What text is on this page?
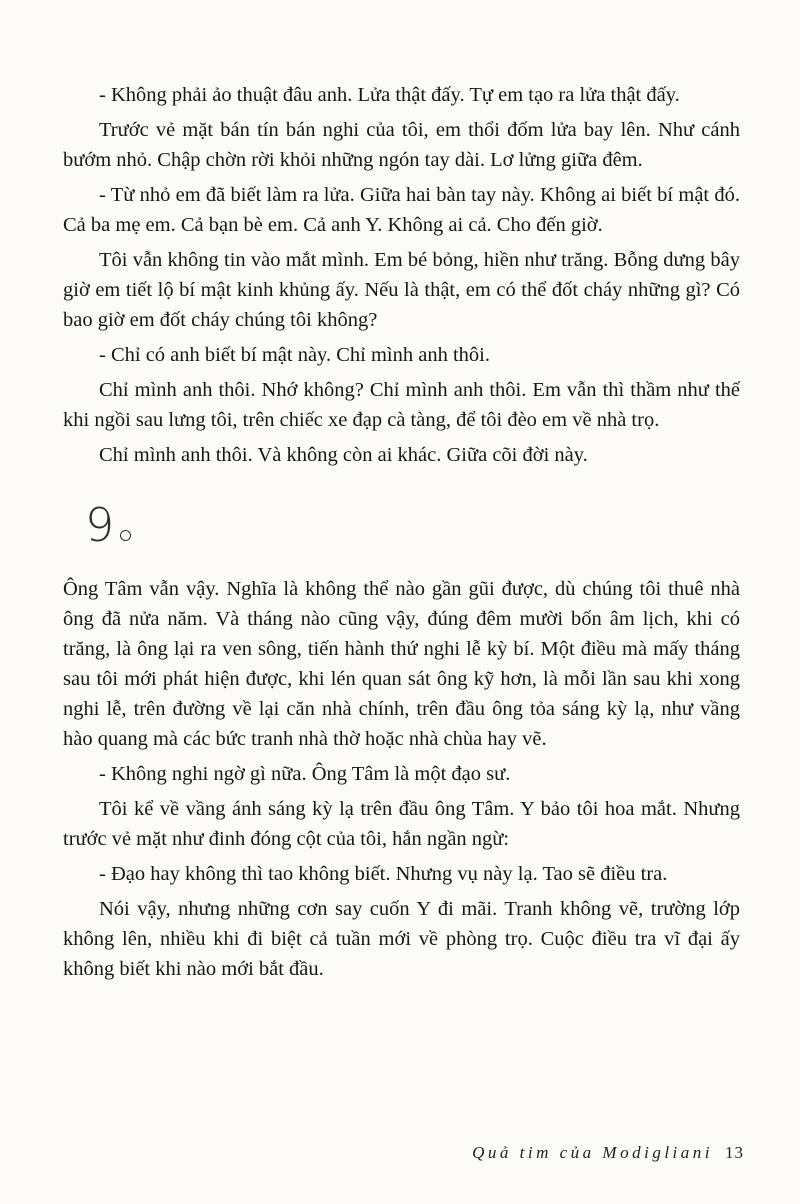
- Không phải ảo thuật đâu anh. Lửa thật đấy. Tự em tạo ra lửa thật đấy.

Trước vẻ mặt bán tín bán nghi của tôi, em thổi đốm lửa bay lên. Như cánh bướm nhỏ. Chập chờn rời khỏi những ngón tay dài. Lơ lửng giữa đêm.

- Từ nhỏ em đã biết làm ra lửa. Giữa hai bàn tay này. Không ai biết bí mật đó. Cả ba mẹ em. Cả bạn bè em. Cả anh Y. Không ai cả. Cho đến giờ.

Tôi vẫn không tin vào mắt mình. Em bé bỏng, hiền như trăng. Bỗng dưng bây giờ em tiết lộ bí mật kinh khủng ấy. Nếu là thật, em có thể đốt cháy những gì? Có bao giờ em đốt cháy chúng tôi không?

- Chỉ có anh biết bí mật này. Chỉ mình anh thôi.

Chỉ mình anh thôi. Nhớ không? Chỉ mình anh thôi. Em vẫn thì thầm như thế khi ngồi sau lưng tôi, trên chiếc xe đạp cà tàng, để tôi đèo em về nhà trọ.

Chỉ mình anh thôi. Và không còn ai khác. Giữa cõi đời này.

9

Ông Tâm vẫn vậy. Nghĩa là không thể nào gần gũi được, dù chúng tôi thuê nhà ông đã nửa năm. Và tháng nào cũng vậy, đúng đêm mười bốn âm lịch, khi có trăng, là ông lại ra ven sông, tiến hành thứ nghi lễ kỳ bí. Một điều mà mấy tháng sau tôi mới phát hiện được, khi lén quan sát ông kỹ hơn, là mỗi lần sau khi xong nghi lễ, trên đường về lại căn nhà chính, trên đầu ông tỏa sáng kỳ lạ, như vầng hào quang mà các bức tranh nhà thờ hoặc nhà chùa hay vẽ.

- Không nghi ngờ gì nữa. Ông Tâm là một đạo sư.

Tôi kể về vầng ánh sáng kỳ lạ trên đầu ông Tâm. Y bảo tôi hoa mắt. Nhưng trước vẻ mặt như đinh đóng cột của tôi, hắn ngần ngừ:

- Đạo hay không thì tao không biết. Nhưng vụ này lạ. Tao sẽ điều tra.

Nói vậy, nhưng những cơn say cuốn Y đi mãi. Tranh không vẽ, trường lớp không lên, nhiều khi đi biệt cả tuần mới về phòng trọ. Cuộc điều tra vĩ đại ấy không biết khi nào mới bắt đầu.

Quả tim của Modigliani 13
